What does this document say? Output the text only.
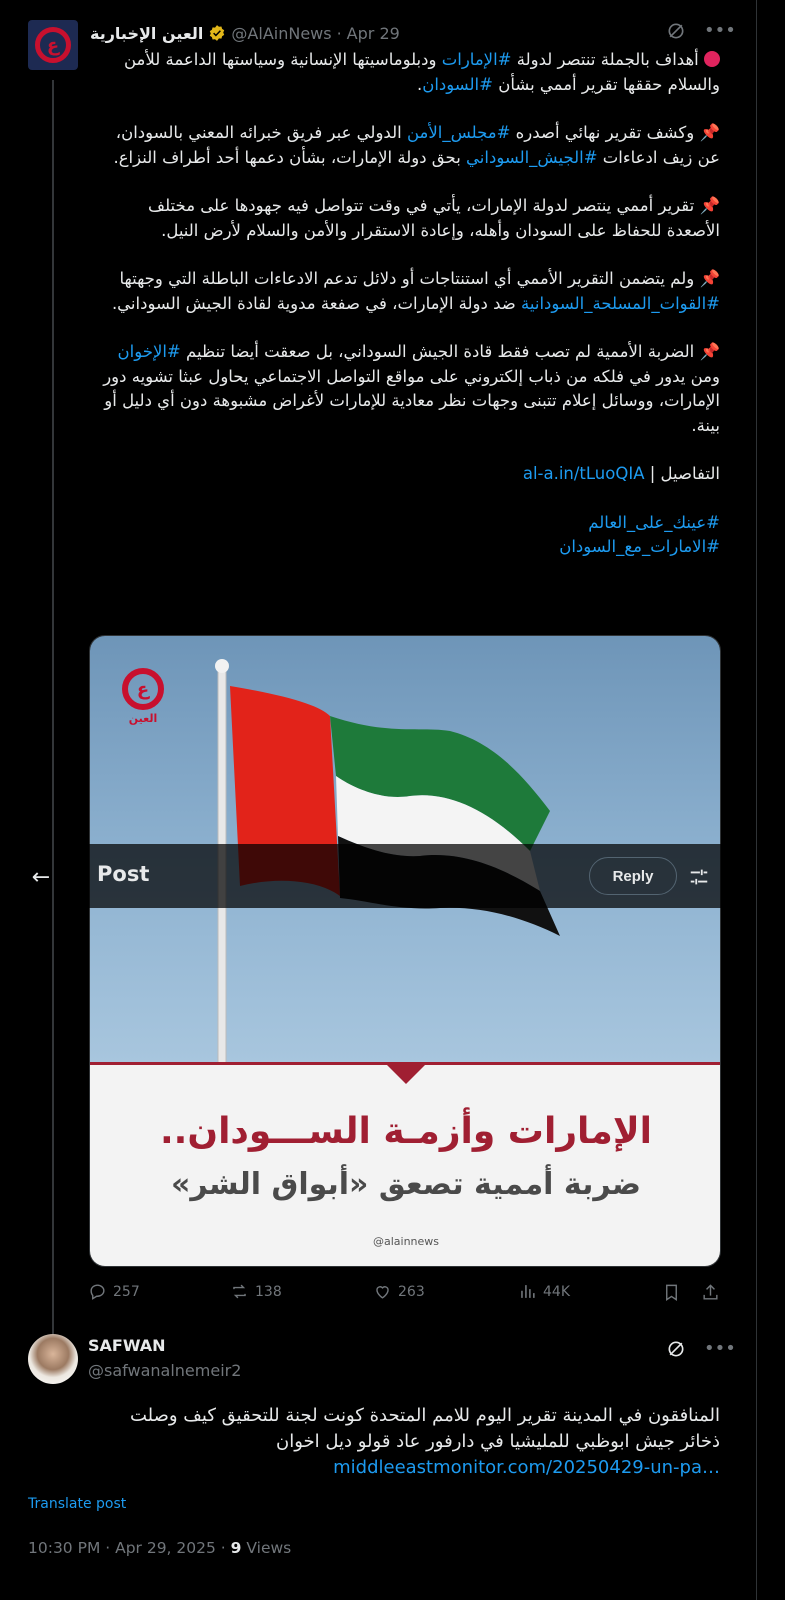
ع
العين الإخبارية @AlAinNews · Apr 29	•••

أهداف بالجملة تنتصر لدولة #الإمارات ودبلوماسيتها الإنسانية وسياستها الداعمة للأمن والسلام حققها تقرير أممي بشأن #السودان.

📌 وكشف تقرير نهائي أصدره #مجلس_الأمن الدولي عبر فريق خبرائه المعني بالسودان، عن زيف ادعاءات #الجيش_السوداني بحق دولة الإمارات، بشأن دعمها أحد أطراف النزاع.

📌 تقرير أممي ينتصر لدولة الإمارات، يأتي في وقت تتواصل فيه جهودها على مختلف الأصعدة للحفاظ على السودان وأهله، وإعادة الاستقرار والأمن والسلام لأرض النيل.

📌 ولم يتضمن التقرير الأممي أي استنتاجات أو دلائل تدعم الادعاءات الباطلة التي وجهتها #القوات_المسلحة_السودانية ضد دولة الإمارات، في صفعة مدوية لقادة الجيش السوداني.

📌 الضربة الأممية لم تصب فقط قادة الجيش السوداني، بل صعقت أيضا تنظيم #الإخوان ومن يدور في فلكه من ذباب إلكتروني على مواقع التواصل الاجتماعي يحاول عبثا تشويه دور الإمارات، ووسائل إعلام تتبنى وجهات نظر معادية للإمارات لأغراض مشبوهة دون أي دليل أو بينة.

التفاصيل | al-a.in/tLuoQIA

#عينك_على_العالم

#الامارات_مع_السودان

ع
العين
الإمارات وأزمـة الســـودان..
ضربة أممية تصعق «أبواق الشر»
@alainnews
←	Post	Reply
257	138	263	44K
SAFWAN
@safwanalnemeir2
•••
المنافقون في المدينة تقرير اليوم للامم المتحدة كونت لجنة للتحقيق كيف وصلت
ذخائر جيش ابوظبي للمليشيا في دارفور عاد قولو ديل اخوان
middleeastmonitor.com/20250429-un-pa…
Translate post
10:30 PM · Apr 29, 2025 · 9 Views
